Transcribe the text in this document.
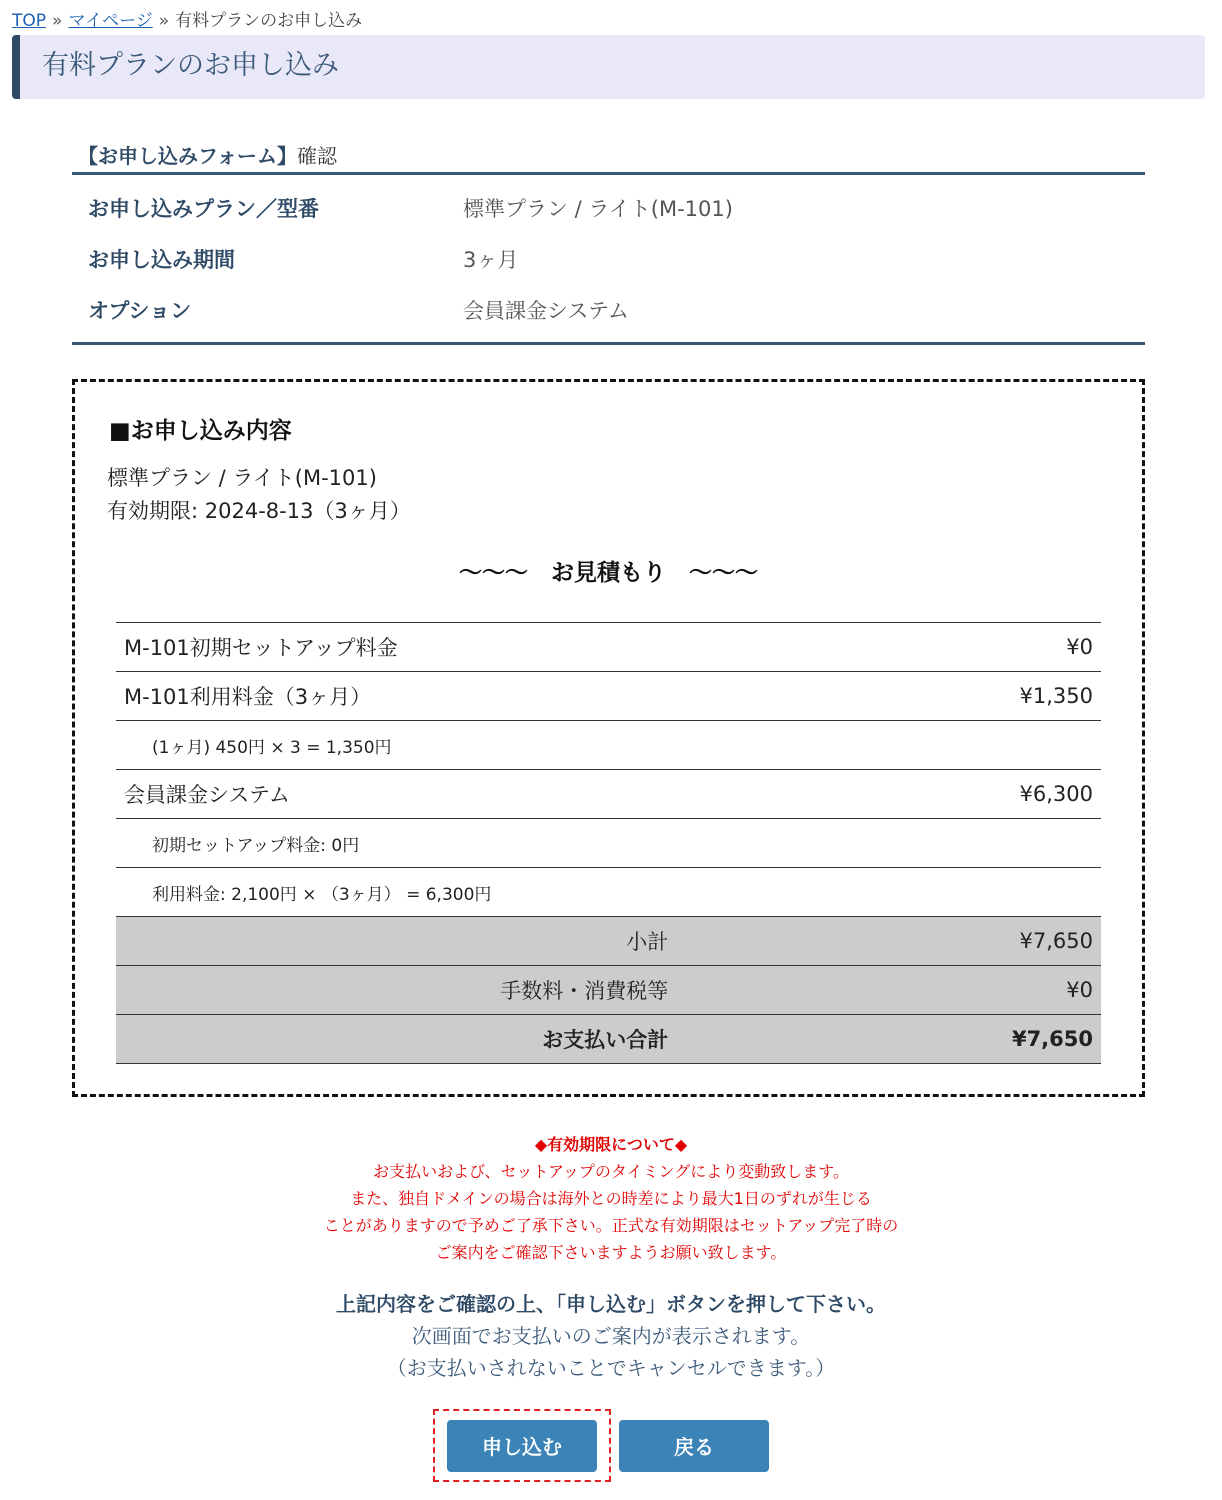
TOP » マイページ » 有料プランのお申し込み
有料プランのお申し込み
【お申し込みフォーム】確認
お申し込みプラン／型番	標準プラン / ライト(M-101)
お申し込み期間	3ヶ月
オプション	会員課金システム
■お申し込み内容
標準プラン / ライト(M-101)
有効期限: 2024-8-13（3ヶ月）
〜〜〜　お見積もり　〜〜〜
M-101初期セットアップ料金	¥0
M-101利用料金（3ヶ月）	¥1,350
(1ヶ月) 450円 × 3 = 1,350円	
会員課金システム	¥6,300
初期セットアップ料金: 0円	
利用料金: 2,100円 × （3ヶ月） = 6,300円	
小計	¥7,650
手数料・消費税等	¥0
お支払い合計	¥7,650
◆有効期限について◆
お支払いおよび、セットアップのタイミングにより変動致します。
また、独自ドメインの場合は海外との時差により最大1日のずれが生じる
ことがありますので予めご了承下さい。正式な有効期限はセットアップ完了時の
ご案内をご確認下さいますようお願い致します。
上記内容をご確認の上、「申し込む」ボタンを押して下さい。
次画面でお支払いのご案内が表示されます。
（お支払いされないことでキャンセルできます。）
申し込む	戻る
